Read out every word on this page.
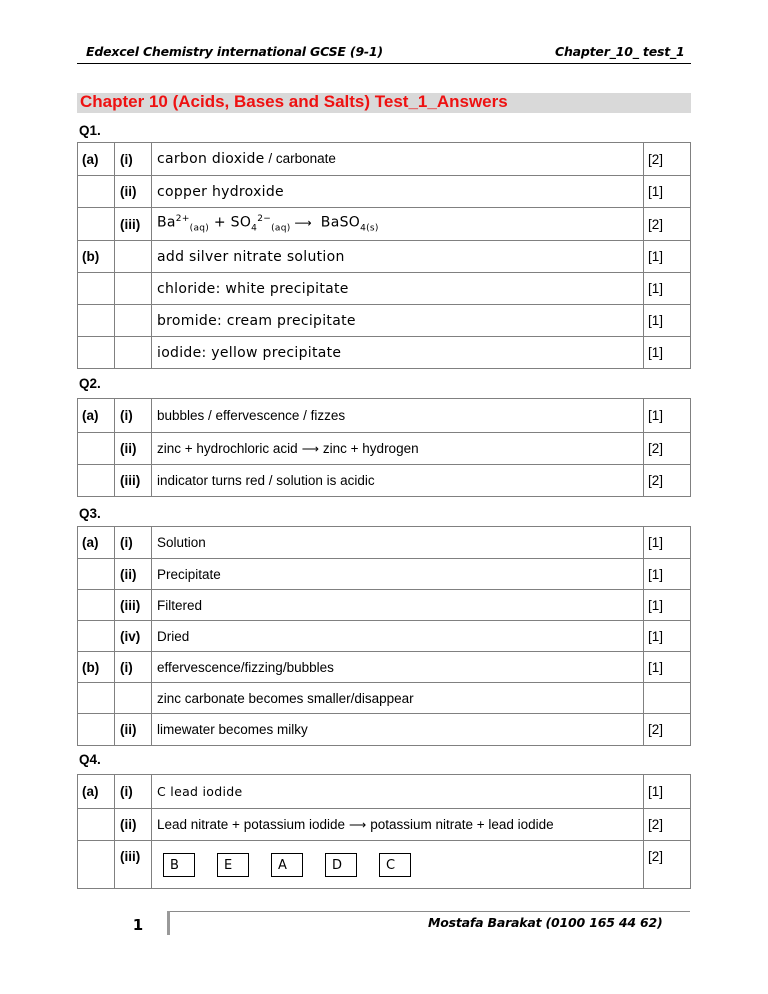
Edexcel Chemistry international GCSE (9-1)	Chapter_10_ test_1
Chapter 10 (Acids, Bases and Salts) Test_1_Answers
Q1.
(a)	(i)	carbon dioxide / carbonate	[2]
	(ii)	copper hydroxide	[1]
	(iii)	$Ba^{2+}_{(aq)} + SO_4^{2-}_{(aq)}$ ⟶ BaSO$_{4(s)}$	[2]
(b)		add silver nitrate solution	[1]
		chloride: white precipitate	[1]
		bromide: cream precipitate	[1]
		iodide: yellow precipitate	[1]
Q2.
(a)	(i)	bubbles / effervescence / fizzes	[1]
	(ii)	zinc + hydrochloric acid ⟶ zinc + hydrogen	[2]
	(iii)	indicator turns red / solution is acidic	[2]
Q3.
(a)	(i)	Solution	[1]
	(ii)	Precipitate	[1]
	(iii)	Filtered	[1]
	(iv)	Dried	[1]
(b)	(i)	effervescence/fizzing/bubbles	[1]
		zinc carbonate becomes smaller/disappear	
	(ii)	limewater becomes milky	[2]
Q4.
(a)	(i)	C lead iodide	[1]
	(ii)	Lead nitrate + potassium iodide ⟶ potassium nitrate + lead iodide	[2]
	(iii)	B E A D C	[2]
1	Mostafa Barakat (0100 165 44 62)
